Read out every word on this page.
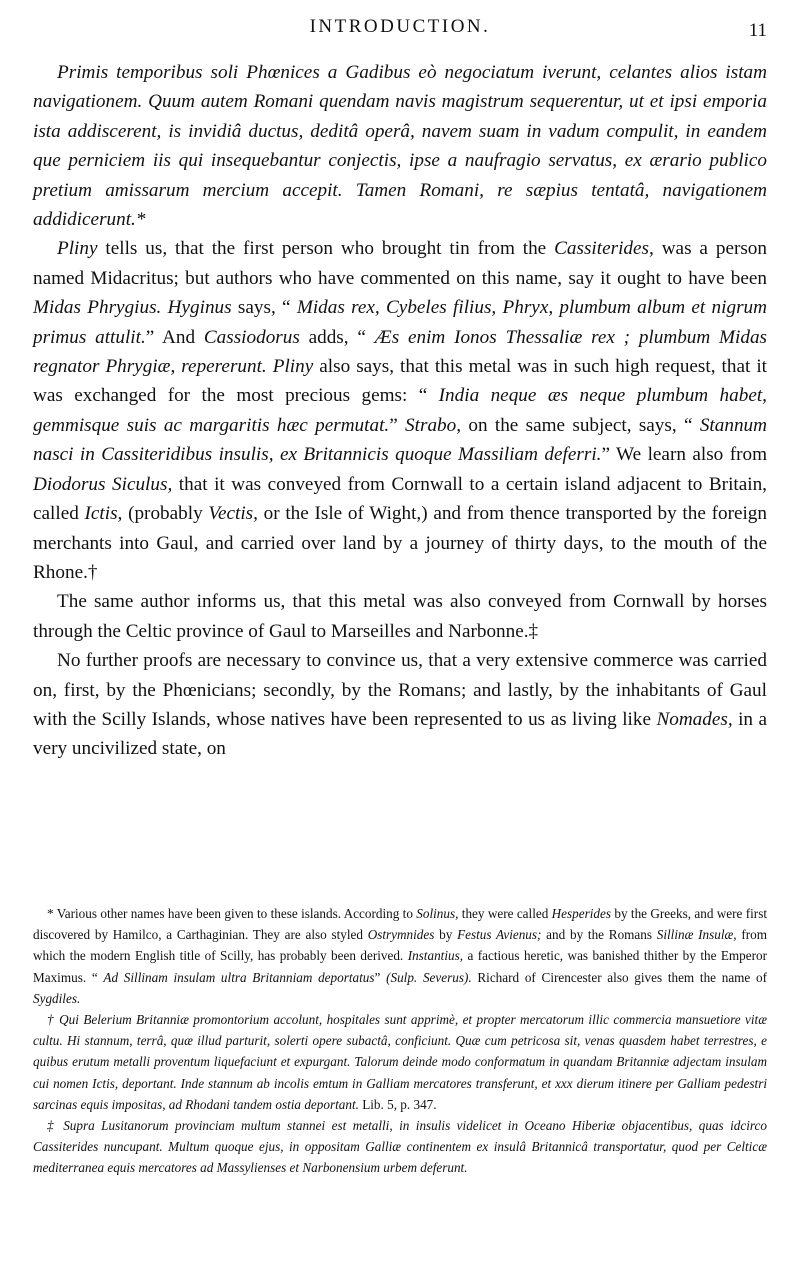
INTRODUCTION.	11

Primis temporibus soli Phœnices a Gadibus eò negociatum iverunt, celantes alios istam navigationem. Quum autem Romani quendam navis magistrum sequerentur, ut et ipsi emporia ista addiscerent, is invidiâ ductus, deditâ operâ, navem suam in vadum compulit, in eandem que perniciem iis qui insequebantur conjectis, ipse a naufragio servatus, ex ærario publico pretium amissarum mercium accepit. Tamen Romani, re sæpius tentatâ, navigationem addidicerunt.*

Pliny tells us, that the first person who brought tin from the Cassiterides, was a person named Midacritus; but authors who have commented on this name, say it ought to have been Midas Phrygius. Hyginus says, “ Midas rex, Cybeles filius, Phryx, plumbum album et nigrum primus attulit.” And Cassiodorus adds, “ Æs enim Ionos Thessaliæ rex ; plumbum Midas regnator Phrygiæ, repererunt. Pliny also says, that this metal was in such high request, that it was exchanged for the most precious gems: “ India neque æs neque plumbum habet, gemmisque suis ac margaritis hæc permutat.” Strabo, on the same subject, says, “ Stannum nasci in Cassiteridibus insulis, ex Britannicis quoque Massiliam deferri.” We learn also from Diodorus Siculus, that it was conveyed from Cornwall to a certain island adjacent to Britain, called Ictis, (probably Vectis, or the Isle of Wight,) and from thence transported by the foreign merchants into Gaul, and carried over land by a journey of thirty days, to the mouth of the Rhone.†

The same author informs us, that this metal was also conveyed from Cornwall by horses through the Celtic province of Gaul to Marseilles and Narbonne.‡

No further proofs are necessary to convince us, that a very extensive commerce was carried on, first, by the Phœnicians; secondly, by the Romans; and lastly, by the inhabitants of Gaul with the Scilly Islands, whose natives have been represented to us as living like Nomades, in a very uncivilized state, on

* Various other names have been given to these islands. According to Solinus, they were called Hesperides by the Greeks, and were first discovered by Hamilco, a Carthaginian. They are also styled Ostrymnides by Festus Avienus; and by the Romans Sillinæ Insulæ, from which the modern English title of Scilly, has probably been derived. Instantius, a factious heretic, was banished thither by the Emperor Maximus. “ Ad Sillinam insulam ultra Britanniam deportatus” (Sulp. Severus). Richard of Cirencester also gives them the name of Sygdiles.

† Qui Belerium Britanniæ promontorium accolunt, hospitales sunt apprimè, et propter mercatorum illic commercia mansuetiore vitæ cultu. Hi stannum, terrâ, quæ illud parturit, solerti opere subactâ, conficiunt. Quæ cum petricosa sit, venas quasdem habet terrestres, e quibus erutum metalli proventum liquefaciunt et expurgant. Talorum deinde modo conformatum in quandam Britanniæ adjectam insulam cui nomen Ictis, deportant. Inde stannum ab incolis emtum in Galliam mercatores transferunt, et xxx dierum itinere per Galliam pedestri sarcinas equis impositas, ad Rhodani tandem ostia deportant. Lib. 5, p. 347.

‡ Supra Lusitanorum provinciam multum stannei est metalli, in insulis videlicet in Oceano Hiberiæ objacentibus, quas idcirco Cassiterides nuncupant. Multum quoque ejus, in oppositam Galliæ continentem ex insulâ Britannicâ transportatur, quod per Celticæ mediterranea equis mercatores ad Massylienses et Narbonensium urbem deferunt.
